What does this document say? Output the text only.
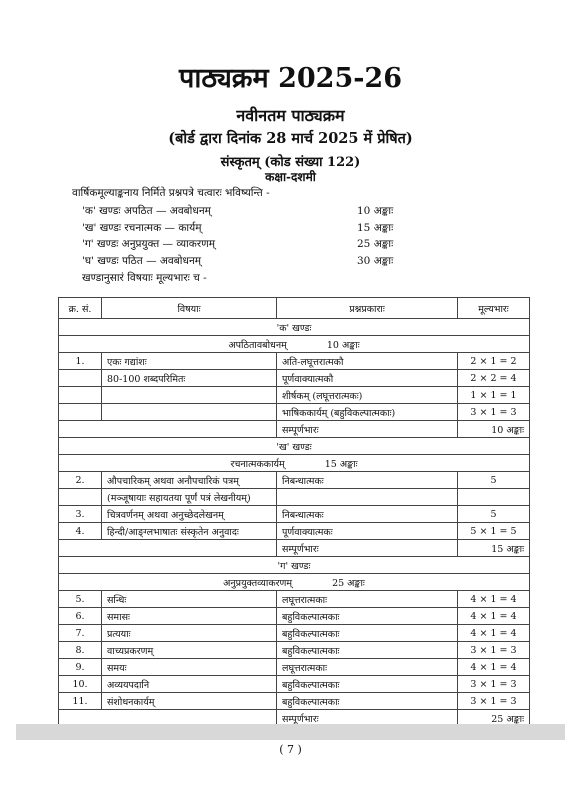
पाठ्यक्रम 2025-26
नवीनतम पाठ्यक्रम
(बोर्ड द्वारा दिनांक 28 मार्च 2025 में प्रेषित)
संस्कृतम् (कोड संख्या 122)
कक्षा-दशमी
वार्षिकमूल्याङ्कनाय निर्मिते प्रश्नपत्रे चत्वारः भविष्यन्ति -
'क' खण्डः अपठित — अवबोधनम्	10 अङ्काः
'ख' खण्डः रचनात्मक — कार्यम्	15 अङ्काः
'ग' खण्डः अनुप्रयुक्त — व्याकरणम्	25 अङ्काः
'घ' खण्डः पठित — अवबोधनम्	30 अङ्काः
खण्डानुसारं विषयाः मूल्यभारः च -
क्र. सं.	विषयाः	प्रश्नप्रकाराः	मूल्यभारः
'क' खण्डः			
अपठितावबोधनम् 10 अङ्काः			
1.	एकः गद्यांशः	अति-लघूत्तरात्मकौ	2 × 1 = 2
	80-100 शब्दपरिमितः	पूर्णवाक्यात्मकौ	2 × 2 = 4
		शीर्षकम् (लघूत्तरात्मकः)	1 × 1 = 1
		भाषिककार्यम् (बहुविकल्पात्मकाः)	3 × 1 = 3
		सम्पूर्णभारः	10 अङ्काः
'ख' खण्डः			
रचनात्मककार्यम् 15 अङ्काः			
2.	औपचारिकम् अथवा अनौपचारिकं पत्रम्	निबन्धात्मकः	5
	(मञ्जूषायाः सहायतया पूर्णं पत्रं लेखनीयम्)		
3.	चित्रवर्णनम् अथवा अनुच्छेदलेखनम्	निबन्धात्मकः	5
4.	हिन्दी/आङ्ग्लभाषातः संस्कृतेन अनुवादः	पूर्णवाक्यात्मकः	5 × 1 = 5
		सम्पूर्णभारः	15 अङ्काः
'ग' खण्डः			
अनुप्रयुक्तव्याकरणम् 25 अङ्काः			
5.	सन्धिः	लघूत्तरात्मकाः	4 × 1 = 4
6.	समासः	बहुविकल्पात्मकाः	4 × 1 = 4
7.	प्रत्ययाः	बहुविकल्पात्मकाः	4 × 1 = 4
8.	वाच्यप्रकरणम्	बहुविकल्पात्मकाः	3 × 1 = 3
9.	समयः	लघूत्तरात्मकाः	4 × 1 = 4
10.	अव्ययपदानि	बहुविकल्पात्मकाः	3 × 1 = 3
11.	संशोधनकार्यम्	बहुविकल्पात्मकाः	3 × 1 = 3
		सम्पूर्णभारः	25 अङ्काः
( 7 )
